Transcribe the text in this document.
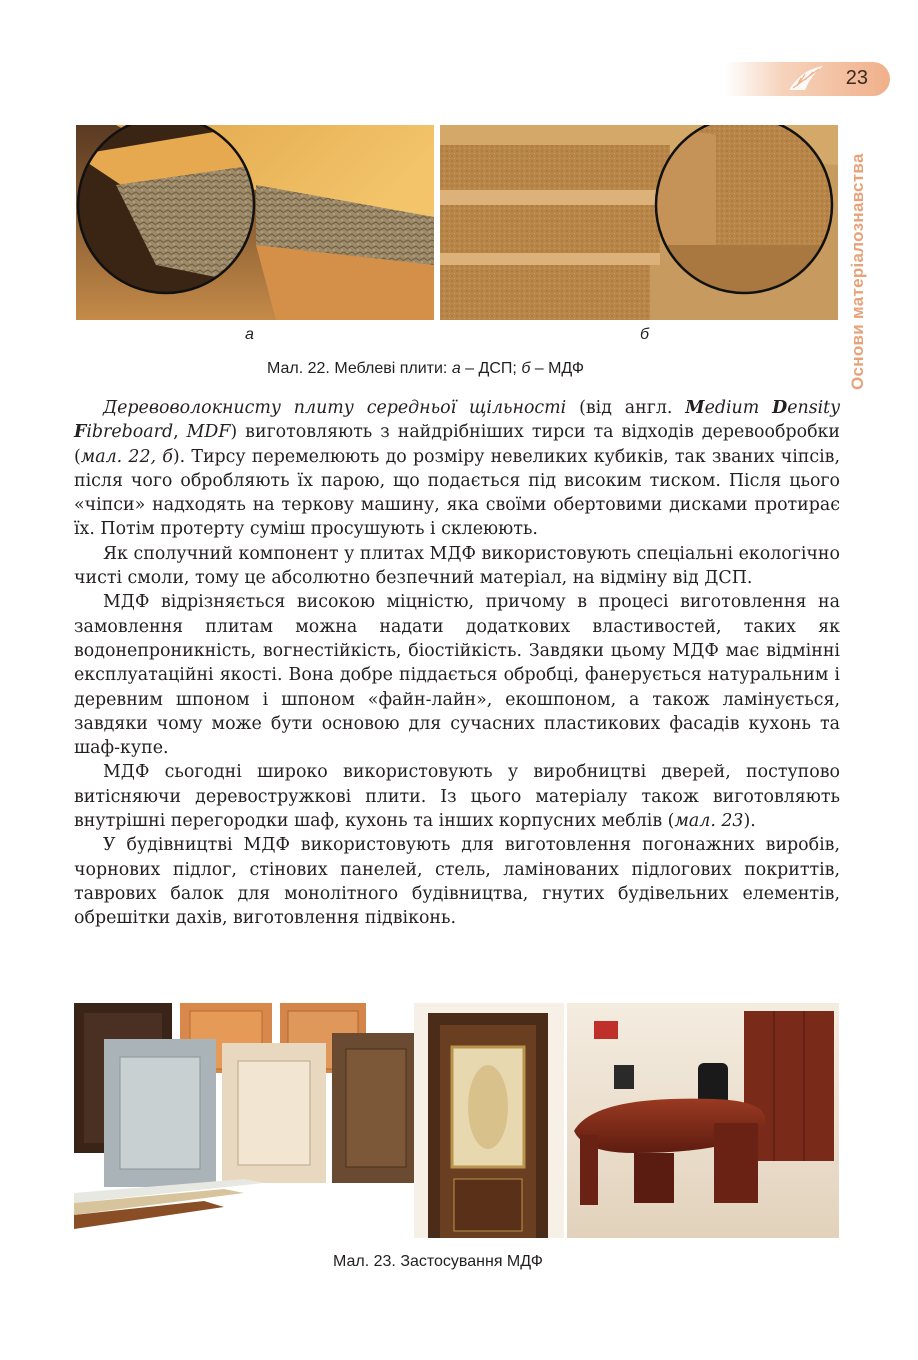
23
Основи матеріалознавства
а	б
Мал. 22. Меблеві плити: а – ДСП; б – МДФ

Деревоволокнисту плиту середньої щільності (від англ. Medium Density Fibreboard, MDF) виготовляють з найдрібніших тирси та відходів деревообробки (мал. 22, б). Тирсу перемелюють до розміру невеликих кубиків, так званих чіпсів, після чого обробляють їх парою, що подається під високим тиском. Після цього «чіпси» надходять на теркову машину, яка своїми обертовими дисками протирає їх. Потім протерту суміш просушують і склеюють.

Як сполучний компонент у плитах МДФ використовують спеціальні екологічно чисті смоли, тому це абсолютно безпечний матеріал, на відміну від ДСП.

МДФ відрізняється високою міцністю, причому в процесі виготовлення на замовлення плитам можна надати додаткових властивостей, таких як водонепроникність, вогнестійкість, біостійкість. Завдяки цьому МДФ має відмінні експлуатаційні якості. Вона добре піддається обробці, фанерується натуральним і деревним шпоном і шпоном «файн-лайн», екошпоном, а також ламінується, завдяки чому може бути основою для сучасних пластикових фасадів кухонь та шаф-купе.

МДФ сьогодні широко використовують у виробництві дверей, поступово витісняючи деревостружкові плити. Із цього матеріалу також виготовляють внутрішні перегородки шаф, кухонь та інших корпусних меблів (мал. 23).

У будівництві МДФ використовують для виготовлення погонажних виробів, чорнових підлог, стінових панелей, стель, ламінованих підлогових покриттів, таврових балок для монолітного будівництва, гнутих будівельних елементів, обрешітки дахів, виготовлення підвіконь.

Мал. 23. Застосування МДФ
